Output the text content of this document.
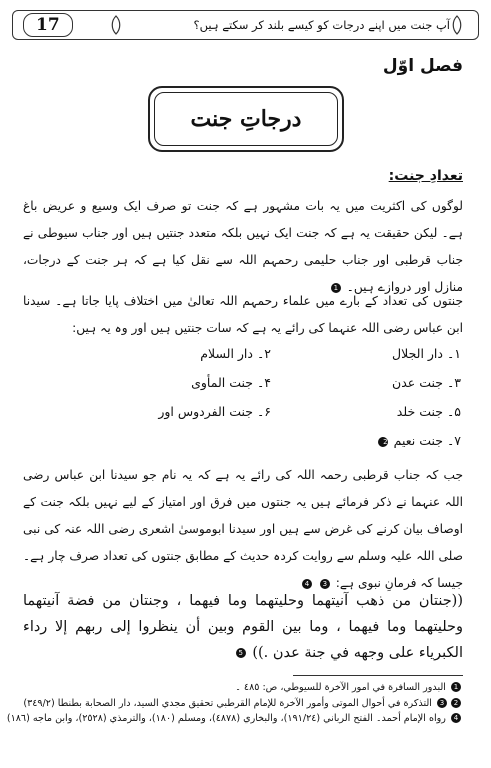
17	آپ جنت میں اپنے درجات کو کیسے بلند کر سکتے ہیں؟
فصل اوّل
درجاتِ جنت
تعدادِ جنت:
لوگوں کی اکثریت میں یہ بات مشہور ہے کہ جنت تو صرف ایک وسیع و عریض باغ ہے۔ لیکن حقیقت یہ ہے کہ جنت ایک نہیں بلکہ متعدد جنتیں ہیں اور جناب سیوطی نے جناب قرطبی اور جناب حلیمی رحمہم اللہ سے نقل کیا ہے کہ ہر جنت کے درجات، منازل اور دروازے ہیں۔ 1
جنتوں کی تعداد کے بارے میں علماء رحمہم اللہ تعالیٰ میں اختلاف پایا جاتا ہے۔ سیدنا ابن عباس رضی اللہ عنہما کی رائے یہ ہے کہ سات جنتیں ہیں اور وہ یہ ہیں:
۱۔ دار الجلال
۲۔ دار السلام
۳۔ جنت عدن
۴۔ جنت المأوی
۵۔ جنت خلد
۶۔ جنت الفردوس اور
۷۔ جنت نعیم 2
جب کہ جناب قرطبی رحمہ اللہ کی رائے یہ ہے کہ یہ نام جو سیدنا ابن عباس رضی اللہ عنہما نے ذکر فرمائے ہیں یہ جنتوں میں فرق اور امتیاز کے لیے نہیں بلکہ جنت کے اوصاف بیان کرنے کی غرض سے ہیں اور سیدنا ابوموسیٰ اشعری رضی اللہ عنہ کی نبی صلی اللہ علیہ وسلم سے روایت کردہ حدیث کے مطابق جنتوں کی تعداد صرف چار ہے۔ جیسا کہ فرمانِ نبوی ہے: 3 4
((جنتان من ذهب آنيتهما وحليتهما وما فيهما ، وجنتان من فضة آنيتهما وحليتهما وما فيهما ، وما بين القوم وبين أن ينظروا إلى ربهم إلا رداء الكبرياء على وجهه في جنة عدن .)) 5
1 البدور السافرة في امور الآخرة للسيوطي، ص: ٤٨٥ ۔
23 التذكرة في أحوال الموتى وأمور الآخرة للإمام القرطبي تحقيق مجدي السيد، دار الصحابة بطنطا (٣٤٩/٢)
4 رواه الإمام أحمد۔ الفتح الرباني (١٩١/٢٤)، والبخاري (٤٨٧٨)، ومسلم (١٨٠)، والترمذي (٢٥٢٨)، وابن ماجه (١٨٦)
